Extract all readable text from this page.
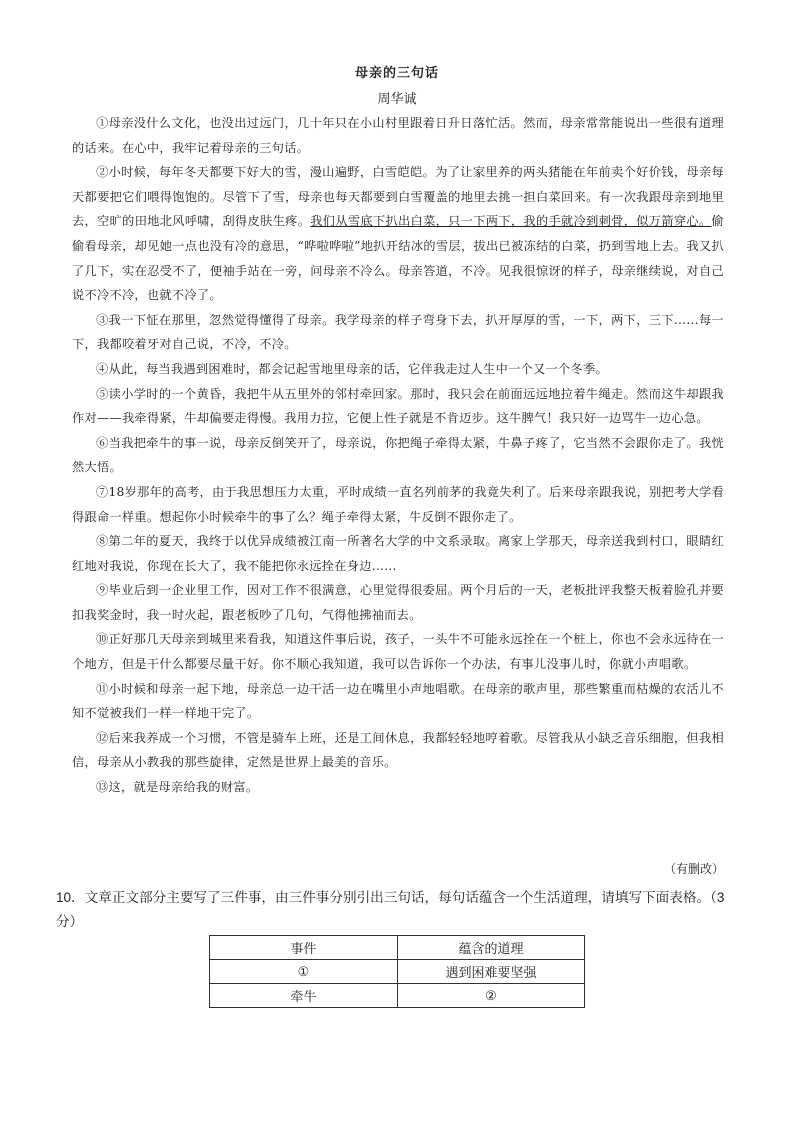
母亲的三句话
周华诚

①母亲没什么文化，也没出过远门，几十年只在小山村里跟着日升日落忙活。然而，母亲常常能说出一些很有道理的话来。在心中，我牢记着母亲的三句话。

②小时候，每年冬天都要下好大的雪，漫山遍野，白雪皑皑。为了让家里养的两头猪能在年前卖个好价钱，母亲每天都要把它们喂得饱饱的。尽管下了雪，母亲也每天都要到白雪覆盖的地里去挑一担白菜回来。有一次我跟母亲到地里去，空旷的田地北风呼啸，刮得皮肤生疼。我们从雪底下扒出白菜，只一下两下，我的手就冷到刺骨，似万箭穿心。偷偷看母亲，却见她一点也没有冷的意思，“哗啦哗啦”地扒开结冰的雪层，拔出已被冻结的白菜，扔到雪地上去。我又扒了几下，实在忍受不了，便袖手站在一旁，问母亲不冷么。母亲答道，不冷。见我很惊讶的样子，母亲继续说，对自己说不冷不冷，也就不冷了。

③我一下怔在那里，忽然觉得懂得了母亲。我学母亲的样子弯身下去，扒开厚厚的雪，一下，两下，三下……每一下，我都咬着牙对自己说，不冷，不冷。

④从此，每当我遇到困难时，都会记起雪地里母亲的话，它伴我走过人生中一个又一个冬季。

⑤读小学时的一个黄昏，我把牛从五里外的邻村牵回家。那时，我只会在前面远远地拉着牛绳走。然而这牛却跟我作对——我牵得紧，牛却偏要走得慢。我用力拉，它便上性子就是不肯迈步。这牛脾气！我只好一边骂牛一边心急。

⑥当我把牵牛的事一说，母亲反倒笑开了，母亲说，你把绳子牵得太紧，牛鼻子疼了，它当然不会跟你走了。我恍然大悟。

⑦18岁那年的高考，由于我思想压力太重，平时成绩一直名列前茅的我竟失利了。后来母亲跟我说，别把考大学看得跟命一样重。想起你小时候牵牛的事了么？绳子牵得太紧，牛反倒不跟你走了。

⑧第二年的夏天，我终于以优异成绩被江南一所著名大学的中文系录取。离家上学那天，母亲送我到村口，眼睛红红地对我说，你现在长大了，我不能把你永远拴在身边……

⑨毕业后到一企业里工作，因对工作不很满意，心里觉得很委屈。两个月后的一天，老板批评我整天板着脸孔并要扣我奖金时，我一时火起，跟老板吵了几句，气得他拂袖而去。

⑩正好那几天母亲到城里来看我，知道这件事后说，孩子，一头牛不可能永远拴在一个桩上，你也不会永远待在一个地方，但是干什么都要尽量干好。你不顺心我知道，我可以告诉你一个办法，有事儿没事儿时，你就小声唱歌。

⑪小时候和母亲一起下地，母亲总一边干活一边在嘴里小声地唱歌。在母亲的歌声里，那些繁重而枯燥的农活儿不知不觉被我们一样一样地干完了。

⑫后来我养成一个习惯，不管是骑车上班，还是工间休息，我都轻轻地哼着歌。尽管我从小缺乏音乐细胞，但我相信，母亲从小教我的那些旋律，定然是世界上最美的音乐。

⑬这，就是母亲给我的财富。

（有删改）
10．文章正文部分主要写了三件事，由三件事分别引出三句话，每句话蕴含一个生活道理，请填写下面表格。（3分）
事件	蕴含的道理
①	遇到困难要坚强
牵牛	②
